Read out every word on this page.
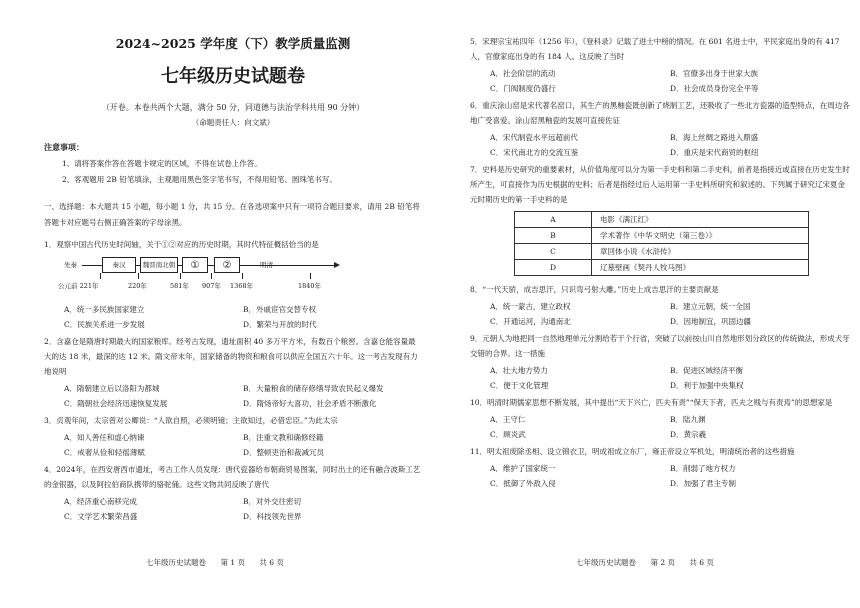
2024~2025 学年度（下）教学质量监测
七年级历史试题卷
（开卷。本卷共两个大题，满分 50 分，同道德与法治学科共用 90 分钟）
（命题责任人：向文斌）
注意事项：
1、请将答案作答在答题卡规定的区域，不得在试卷上作答。
2、客观题用 2B 铅笔填涂，主观题用黑色签字笔书写，不得用铅笔、圆珠笔书写。
一、选择题：本大题共 15 小题，每小题 1 分，共 15 分。在各选项案中只有一项符合题目要求，请用 2B 铅笔将答题卡对应题号右侧正确答案的字母涂黑。
1．观察中国古代历史时间轴，关于①②对应的历史时期，其时代特征概括恰当的是
先秦	秦汉	魏晋南北朝	①	②	明清
公元前 221年	220年	581年 907年 1368年	1840年
A．统一多民族国家建立	B．外戚宦官交替专权
C．民族关系进一步发展	D．繁荣与开放的时代
2．含嘉仓是隋唐时期最大的国家粮库。经考古发现，遗址面积 40 多万平方米，有数百个粮窖。含嘉仓能容量最大的达 18 米，最深的达 12 米。隋文帝末年，国家储备的物资和粮食可以供应全国五六十年。这一考古发现有力地说明
A．隋朝建立后以洛阳为都城	B．大量粮食的储存修缮导致农民起义爆发
C．隋朝社会经济迅速恢复发展	D．隋炀帝好大喜功，社会矛盾不断激化
3．贞观年间，太宗曾对公卿说：“人欲自照，必须明镜；主欲知过，必借忠臣。”为此太宗
A．知人善任和虚心纳谏	B．注重文教和确修经籍
C．戒奢从俭和轻徭薄赋	D．整顿吏治和裁减冗员
4．2024年，在西安唐西市遗址，考古工作人员发现：唐代瓷器给布朝商贸易图案，同时出土的还有融合波斯工艺的金银器，以及阿拉伯商队携带的骆驼俑。这些文物共同反映了唐代
A．经济重心南移完成	B．对外交往密切
C．文学艺术繁荣昌盛	D．科技领先世界
七年级历史试题卷 第 1 页 共 6 页
5．宋理宗宝祐四年（1256 年），《登科录》记载了进士中榜的情况。在 601 名进士中，平民家庭出身的有 417 人，官僚家庭出身的有 184 人。这反映了当时
A．社会阶层的流动	B．官僚多出身于世家大族
C．门阀制度仍盛行	D．社会成员身份完全平等
6．重庆涂山窑是宋代著名窑口，其生产的黑釉瓷既创新了烧制工艺，还吸收了一些北方瓷器的造型特点，在周边各地广受喜爱。涂山窑黑釉瓷的发展可直接佐证
A．宋代制瓷水平远超前代	B．海上丝绸之路进入鼎盛
C．宋代南北方的交流互鉴	D．重庆是宋代商贸的枢纽
7．史料是历史研究的重要素材，从价值角度可以分为第一手史料和第二手史料，前者是指接近或直接在历史发生时所产生，可直接作为历史根据的史料；后者是指经过后人运用第一手史料所研究和叙述的。下列属于研究辽宋夏金元时期历史的第一手史料的是
A	电影《满江红》
B	学术著作《中华文明史（第三卷）》
C	章回体小说《水浒传》
D	辽墓壁画《契丹人牧马图》
8．“一代天骄，成吉思汗，只识弯弓射大雕。”历史上成吉思汗的主要贡献是
A．统一蒙古，建立政权	B．建立元朝，统一全国
C．开通运河，沟通南北	D．因地制宜，巩固边疆
9．元朝人为地把同一自然地理单元分割给若干个行省，突破了以前按山川自然地形划分政区的传统做法，形成犬牙交错的合界。这一措施
A．壮大地方势力	B．促进区域经济平衡
C．便于文化管理	D．利于加强中央集权
10．明清时期儒家思想不断发展，其中提出“天下兴亡，匹夫有责”“保天下者，匹夫之贱与有责焉”的思想家是
A．王守仁	B．陆九渊
C．顾炎武	D．黄宗羲
11．明太祖废除丞相、设立锦衣卫，明成祖成立东厂，雍正帝设立军机处，明清统治者的这些措施
A．维护了国家统一	B．削弱了地方权力
C．抵御了外敌入侵	D．加强了君主专制
七年级历史试题卷 第 2 页 共 6 页
